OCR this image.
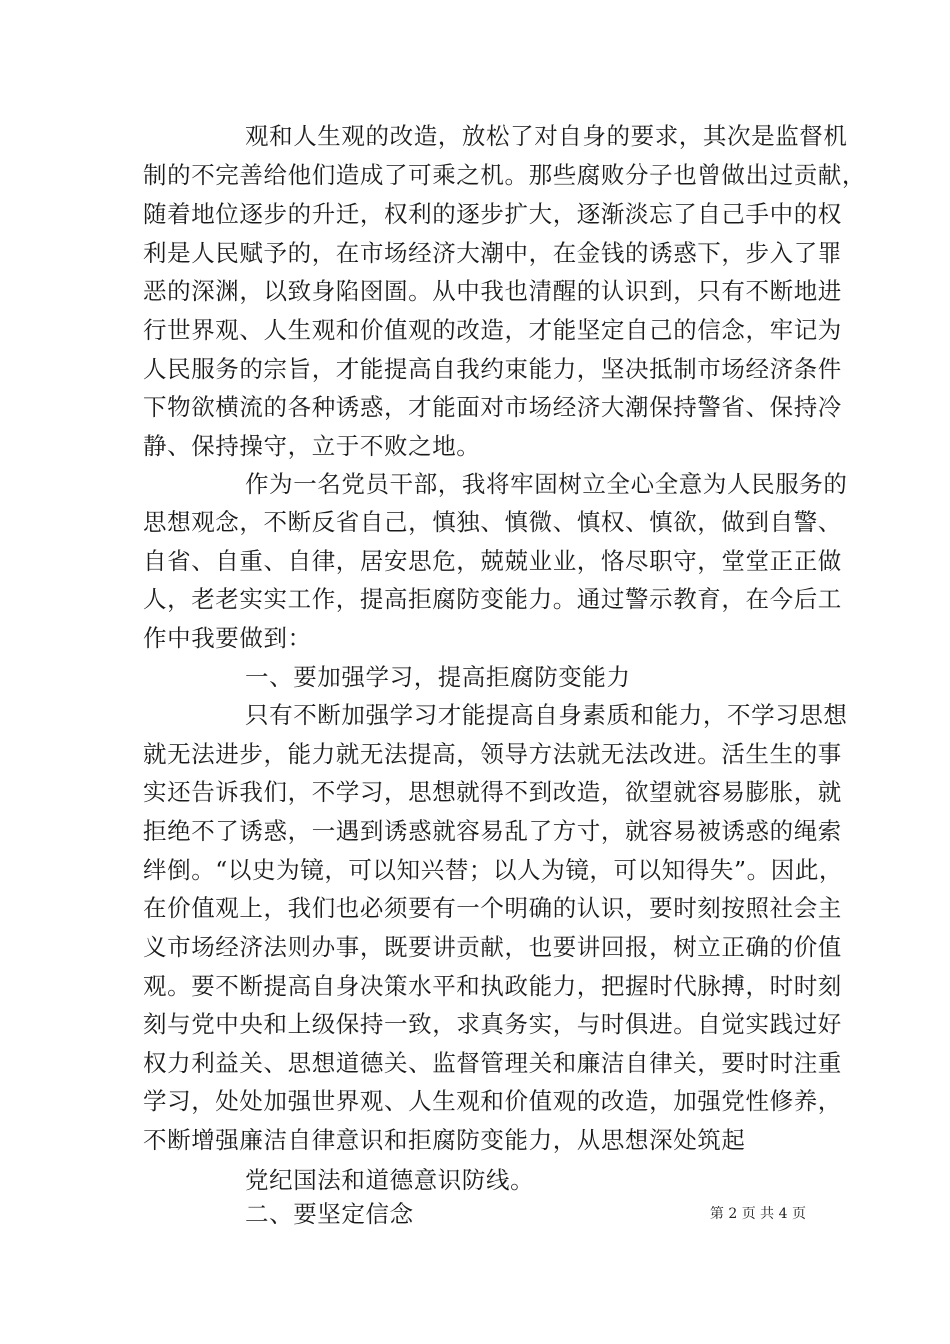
观和人生观的改造，放松了对自身的要求，其次是监督机
制的不完善给他们造成了可乘之机。那些腐败分子也曾做出过贡献，
随着地位逐步的升迁，权利的逐步扩大，逐渐淡忘了自己手中的权
利是人民赋予的，在市场经济大潮中，在金钱的诱惑下，步入了罪
恶的深渊，以致身陷囹圄。从中我也清醒的认识到，只有不断地进
行世界观、人生观和价值观的改造，才能坚定自己的信念，牢记为
人民服务的宗旨，才能提高自我约束能力，坚决抵制市场经济条件
下物欲横流的各种诱惑，才能面对市场经济大潮保持警省、保持冷
静、保持操守，立于不败之地。
作为一名党员干部，我将牢固树立全心全意为人民服务的
思想观念，不断反省自己，慎独、慎微、慎权、慎欲，做到自警、
自省、自重、自律，居安思危，兢兢业业，恪尽职守，堂堂正正做
人，老老实实工作，提高拒腐防变能力。通过警示教育，在今后工
作中我要做到：
一、要加强学习，提高拒腐防变能力
只有不断加强学习才能提高自身素质和能力，不学习思想
就无法进步，能力就无法提高，领导方法就无法改进。活生生的事
实还告诉我们，不学习，思想就得不到改造，欲望就容易膨胀，就
拒绝不了诱惑，一遇到诱惑就容易乱了方寸，就容易被诱惑的绳索
绊倒。“以史为镜，可以知兴替；以人为镜，可以知得失”。因此，
在价值观上，我们也必须要有一个明确的认识，要时刻按照社会主
义市场经济法则办事，既要讲贡献，也要讲回报，树立正确的价值
观。要不断提高自身决策水平和执政能力，把握时代脉搏，时时刻
刻与党中央和上级保持一致，求真务实，与时俱进。自觉实践过好
权力利益关、思想道德关、监督管理关和廉洁自律关，要时时注重
学习，处处加强世界观、人生观和价值观的改造，加强党性修养，
不断增强廉洁自律意识和拒腐防变能力，从思想深处筑起
党纪国法和道德意识防线。
二、要坚定信念	第 2 页 共 4 页
